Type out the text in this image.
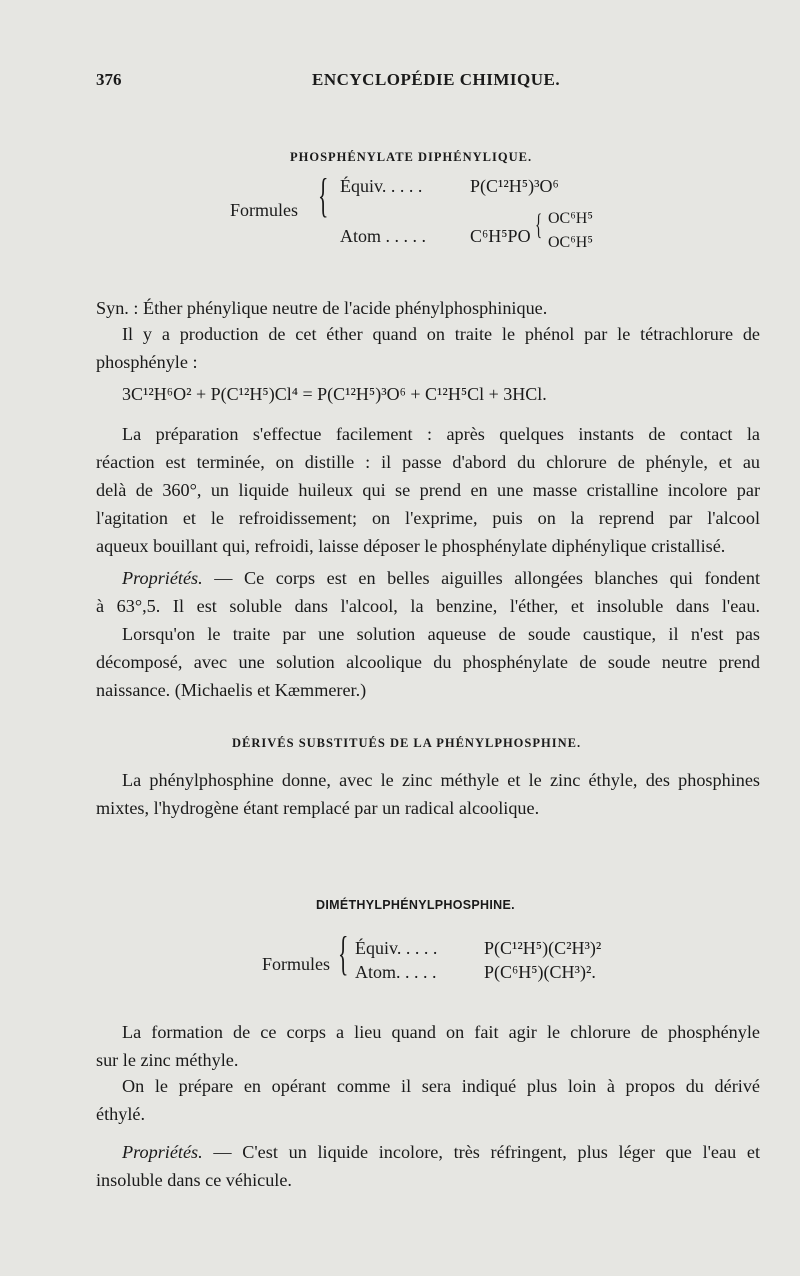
376	ENCYCLOPÉDIE CHIMIQUE.
PHOSPHÉNYLATE DIPHÉNYLIQUE.
Formules { Équiv. . . . .	P(C¹²H⁵)³O⁶
Atom . . . . . C⁶H⁵PO { OC⁶H⁵
OC⁶H⁵
Syn. : Éther phénylique neutre de l'acide phénylphosphinique.
Il y a production de cet éther quand on traite le phénol par le tétrachlorure de
phosphényle :
3C¹²H⁶O² + P(C¹²H⁵)Cl⁴ = P(C¹²H⁵)³O⁶ + C¹²H⁵Cl + 3HCl.
La préparation s'effectue facilement : après quelques instants de contact la
réaction est terminée, on distille : il passe d'abord du chlorure de phényle, et au
delà de 360°, un liquide huileux qui se prend en une masse cristalline incolore par
l'agitation et le refroidissement; on l'exprime, puis on la reprend par l'alcool
aqueux bouillant qui, refroidi, laisse déposer le phosphénylate diphénylique cristallisé.
Propriétés. — Ce corps est en belles aiguilles allongées blanches qui fondent
à 63°,5. Il est soluble dans l'alcool, la benzine, l'éther, et insoluble dans l'eau.
Lorsqu'on le traite par une solution aqueuse de soude caustique, il n'est pas
décomposé, avec une solution alcoolique du phosphénylate de soude neutre prend
naissance. (Michaelis et Kæmmerer.)
DÉRIVÉS SUBSTITUÉS DE LA PHÉNYLPHOSPHINE.
La phénylphosphine donne, avec le zinc méthyle et le zinc éthyle, des phosphines
mixtes, l'hydrogène étant remplacé par un radical alcoolique.
DIMÉTHYLPHÉNYLPHOSPHINE.
Formules { Équiv. . . . .	P(C¹²H⁵)(C²H³)²
Atom. . . . .	P(C⁶H⁵)(CH³)².
La formation de ce corps a lieu quand on fait agir le chlorure de phosphényle
sur le zinc méthyle.
On le prépare en opérant comme il sera indiqué plus loin à propos du dérivé
éthylé.
Propriétés. — C'est un liquide incolore, très réfringent, plus léger que l'eau et
insoluble dans ce véhicule.
